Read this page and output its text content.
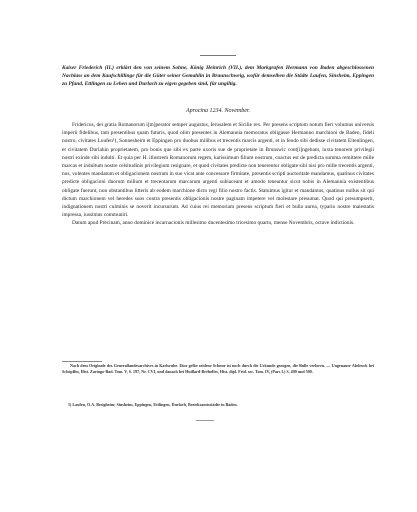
Kaiser Friederich (II.) erklärt den von seinem Sohne, König Heinrich (VII.), dem Markgrafen Hermann von Baden abgeschlossenen Nachlass an dem Kaufschillinge für die Güter seiner Gemahlin in Braunschweig, wofür demselben die Städte Laufen, Sinsheim, Eppingen zu Pfand, Ettlingen zu Lehen und Durlach zu eigen gegeben sind, für ungiltig.
Aprocina 1234. November.

Fridericus, dei gratia Romanorum i[m]perator semper augustus, Ierusalem et Sicilie rex. Per presens scriptum notum fieri volumus universis imperii fidelibus, tam presentibus quam futuris, quod olim presentes in Alemannia memoratus obligasse Hermanno marchioni de Baden, fideli nostro, civitates Loufen¹), Sonnesheim et Eppingen pro duobus milibus et trecentis marcis argenti, et in feodo sibi dedisse civitatem Eitenlingen, et civitatem Durlahin proprietatem, pro bonis que sibi ex parte uxoris sue de proprietate in Brunswic cont[i]ngebant, iuxta tenorem privilegii nostri exinde sibi indulti. Et quia per H. illustrem Romanorum regem, karissimum filium nostrum, coactus est de predicta summa remittere mille marcas et indultum nostre celsitudinis privilegium resignare, et quod civitates predicte non tenerentur obligate sibi nisi pro mille trecentis argenti, nos, volentes mandatum et obligacionem nostram in suo vicat ante concessore firmitate, presentis scripti auctoritate mandamus, quatinus civitates predicte obligacioni duorum milium et trecentarum marcarum argenti subiaceant et amodo teneantur sicut nobis in Alemannia existentibus obligate fuerunt, non obstantibus litteris ab eodem marchione dicto regi filio nostro factis. Statuimus igitur et mandamus, quatinus nullus sit qui dictum marchionem vel heredes suos contra presentis obligacionis nostre paginam impetere vel molestare presumat. Quod qui presumpserit, indignationem nostri culminis se noverit incursurum. Ad cuius rei memoriam presens scriptum fieri et bulla aurea, typario nostre maiestatis impressa, iussimus communiri.

Datum apud Precinam, anno dominice incarnacionis millesimo ducentesimo tricesimo quarto, mense Novembris, octave indictionis.

Nach dem Originale des Generallandesarchives in Karlsruhe. Eine gelbe seidene Schnur ist noch durch die Urkunde gezogen, die Bulle verloren. — Ungenauer Abdruck bei Schöpflin, Hist. Zaringo-Bad. Tom. V, S. 197, Nr. CVI, und danach bei Huillard-Bréholles, Hist. dipl. Frid. sec. Tom. IV, (Pars I.) S. 499 und 500.

1) Laufen, O.A. Besigheim; Sinsheim, Eppingen, Ettlingen, Durlach, Bezirksamtsstädte in Baden.
